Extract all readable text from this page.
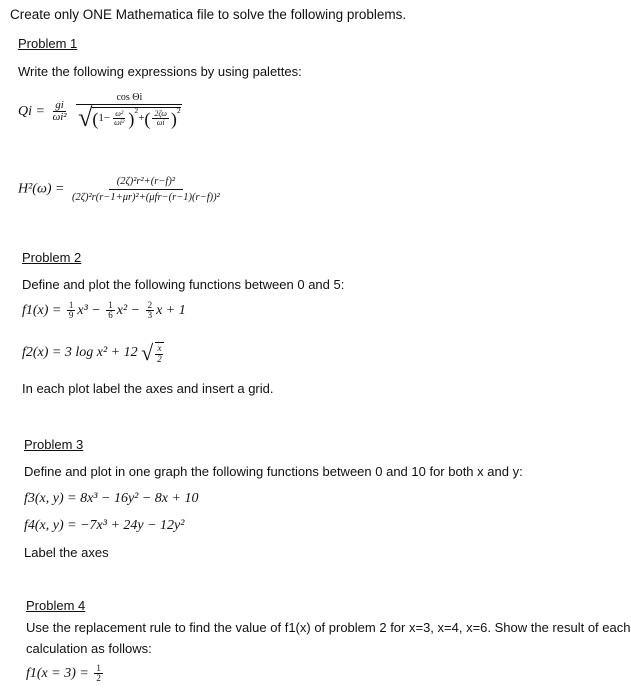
Create only ONE Mathematica file to solve the following problems.
Problem 1
Write the following expressions by using palettes:
$Qi = \frac{gi}{\text{ωi²}}$

cos Θi
√ ( $1- \frac{\text{ω²}}{\text{ωi²}} )^2$
+ ( $\frac{2\zeta\omega}{\omega i} )^2$
$H^2(\omega) = \frac{\text{(2ζ)²r²+(r−f)²}}{\text{(2ζ)²r(r−1+μr)²+(μfr−(r−1)(r−f))²}}$
Problem 2
Define and plot the following functions between 0 and 5:
$f1(x) = \frac{1}{9} x^3 - \frac{1}{6} x^2 - \frac{2}{3}$ x + 1
f2(x) = 3 log x² + 12 √ $\frac{x}{2}$
In each plot label the axes and insert a grid.
Problem 3
Define and plot in one graph the following functions between 0 and 10 for both x and y:
f3(x, y) = 8x³ − 16y² − 8x + 10
f4(x, y) = −7x³ + 24y − 12y²
Label the axes
Problem 4
Use the replacement rule to find the value of f1(x) of problem 2 for x=3, x=4, x=6. Show the result of each
calculation as follows:
$f1(x = 3) = \frac{1}{2}$
